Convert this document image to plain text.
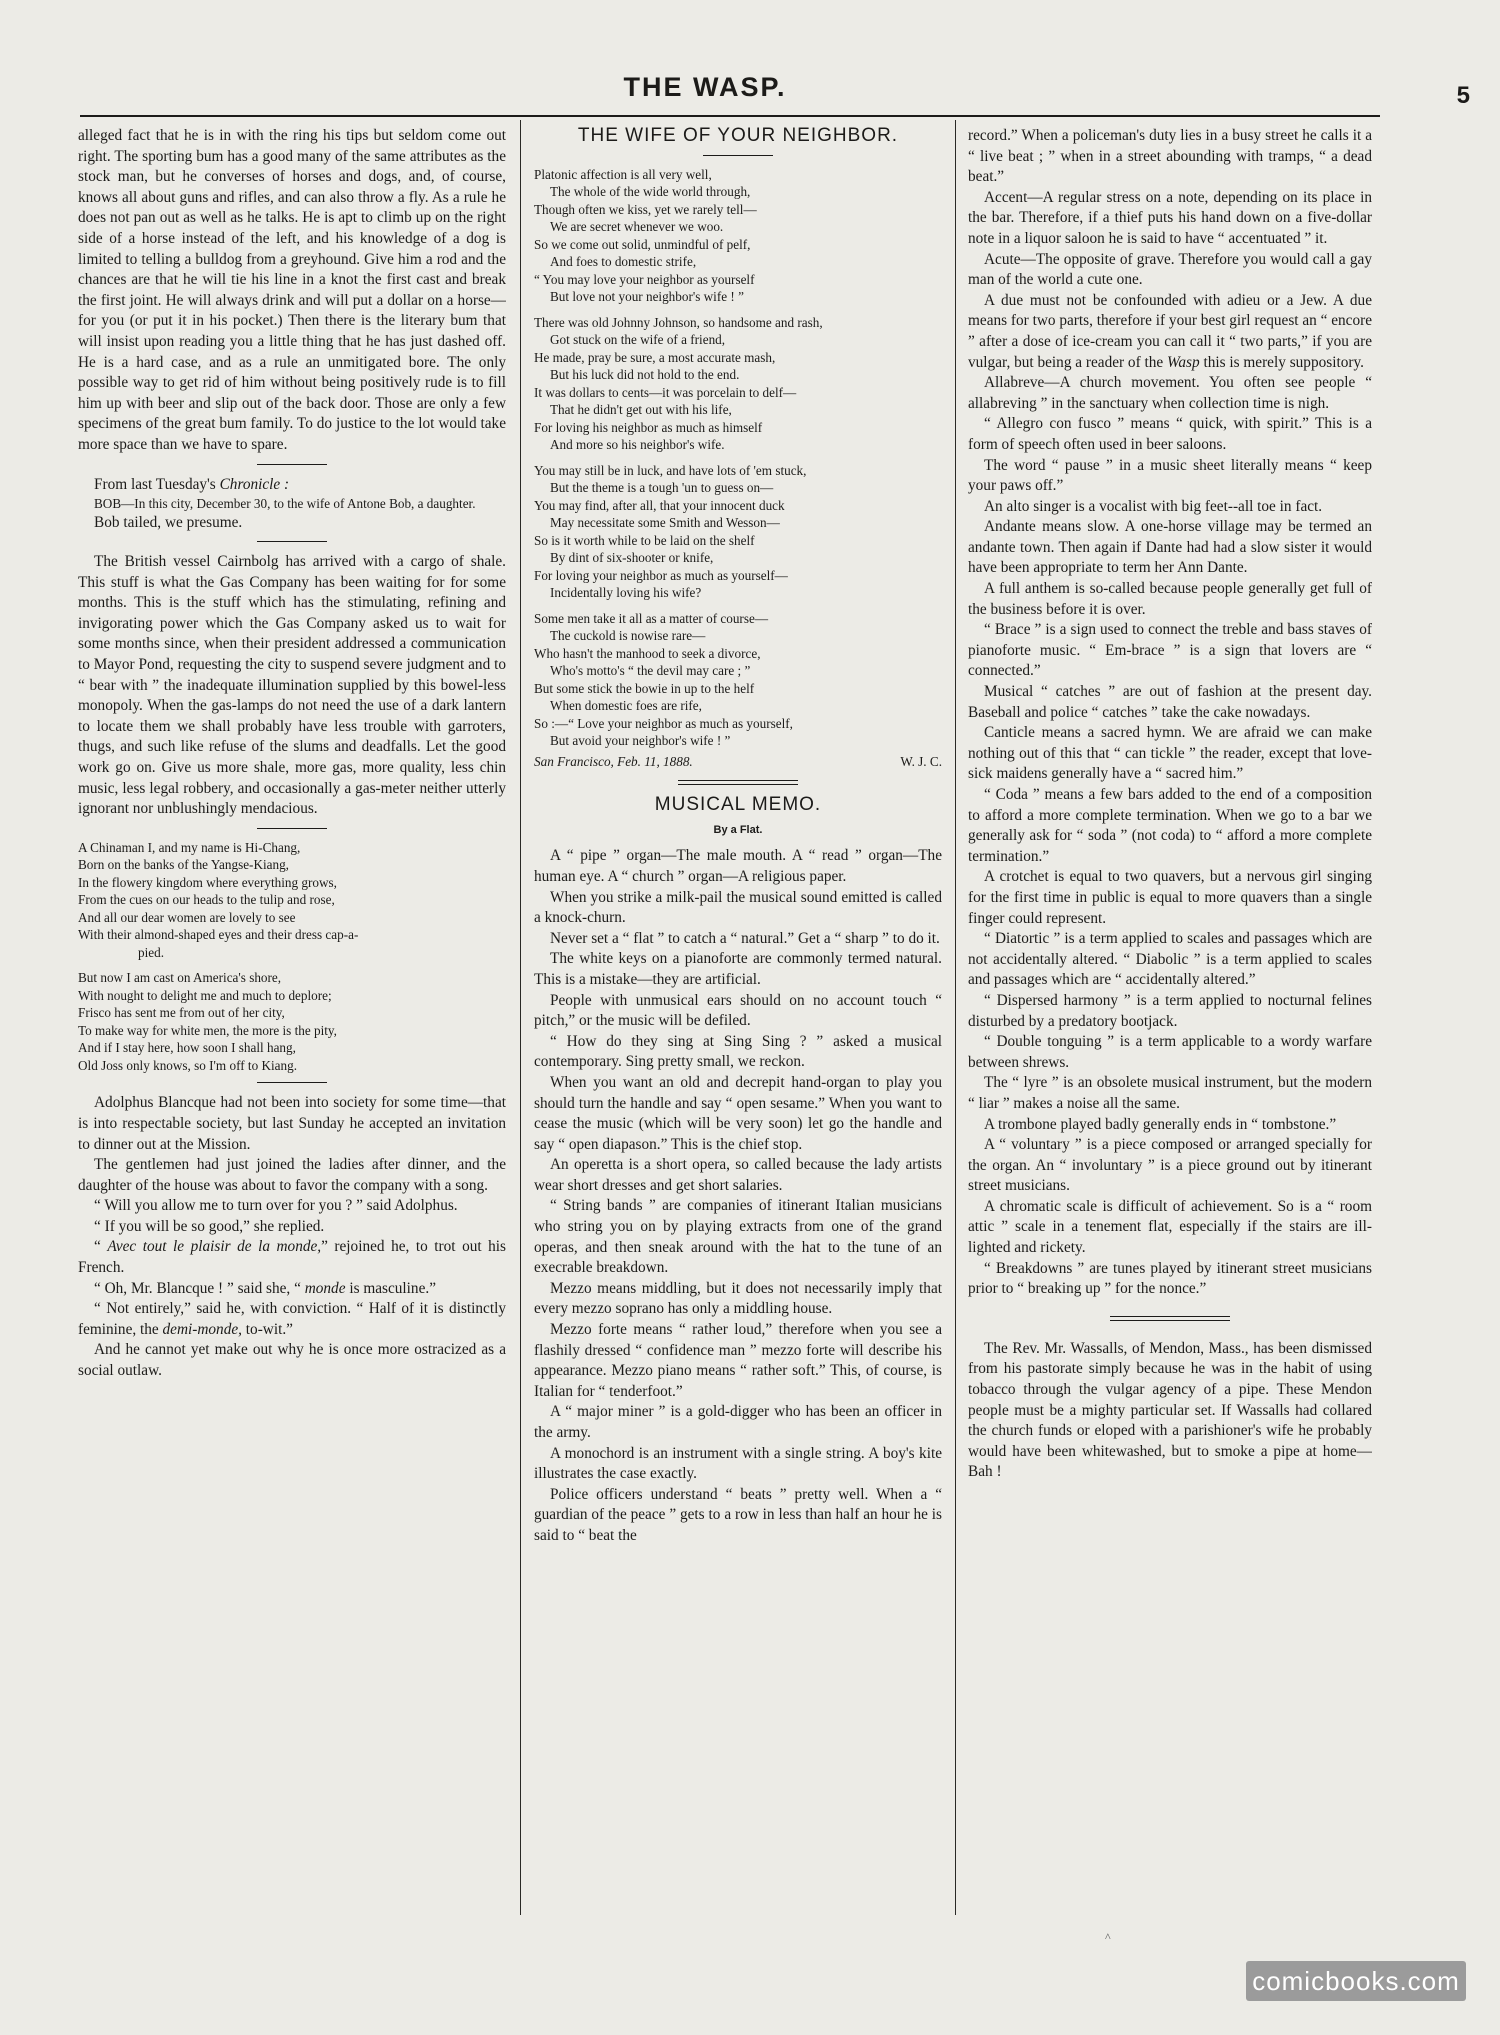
THE WASP.	5

alleged fact that he is in with the ring his tips but seldom come out right. The sporting bum has a good many of the same attributes as the stock man, but he converses of horses and dogs, and, of course, knows all about guns and rifles, and can also throw a fly. As a rule he does not pan out as well as he talks. He is apt to climb up on the right side of a horse instead of the left, and his knowledge of a dog is limited to telling a bulldog from a greyhound. Give him a rod and the chances are that he will tie his line in a knot the first cast and break the first joint. He will always drink and will put a dollar on a horse—for you (or put it in his pocket.) Then there is the literary bum that will insist upon reading you a little thing that he has just dashed off. He is a hard case, and as a rule an unmitigated bore. The only possible way to get rid of him without being positively rude is to fill him up with beer and slip out of the back door. Those are only a few specimens of the great bum family. To do justice to the lot would take more space than we have to spare.

From last Tuesday's Chronicle :

BOB—In this city, December 30, to the wife of Antone Bob, a daughter.

Bob tailed, we presume.

The British vessel Cairnbolg has arrived with a cargo of shale. This stuff is what the Gas Company has been waiting for for some months. This is the stuff which has the stimulating, refining and invigorating power which the Gas Company asked us to wait for some months since, when their president addressed a communication to Mayor Pond, requesting the city to suspend severe judgment and to “ bear with ” the inadequate illumination supplied by this bowel-less monopoly. When the gas-lamps do not need the use of a dark lantern to locate them we shall probably have less trouble with garroters, thugs, and such like refuse of the slums and deadfalls. Let the good work go on. Give us more shale, more gas, more quality, less chin music, less legal robbery, and occasionally a gas-meter neither utterly ignorant nor unblushingly mendacious.

A Chinaman I, and my name is Hi-Chang,
Born on the banks of the Yangse-Kiang,
In the flowery kingdom where everything grows,
From the cues on our heads to the tulip and rose,
And all our dear women are lovely to see
With their almond-shaped eyes and their dress cap-a-
pied.
But now I am cast on America's shore,
With nought to delight me and much to deplore;
Frisco has sent me from out of her city,
To make way for white men, the more is the pity,
And if I stay here, how soon I shall hang,
Old Joss only knows, so I'm off to Kiang.

Adolphus Blancque had not been into society for some time—that is into respectable society, but last Sunday he accepted an invitation to dinner out at the Mission.

The gentlemen had just joined the ladies after dinner, and the daughter of the house was about to favor the company with a song.

“ Will you allow me to turn over for you ? ” said Adolphus.

“ If you will be so good,” she replied.

“ Avec tout le plaisir de la monde,” rejoined he, to trot out his French.

“ Oh, Mr. Blancque ! ” said she, “ monde is masculine.”

“ Not entirely,” said he, with conviction. “ Half of it is distinctly feminine, the demi-monde, to-wit.”

And he cannot yet make out why he is once more ostracized as a social outlaw.

THE WIFE OF YOUR NEIGHBOR.
Platonic affection is all very well,
The whole of the wide world through,
Though often we kiss, yet we rarely tell—
We are secret whenever we woo.
So we come out solid, unmindful of pelf,
And foes to domestic strife,
“ You may love your neighbor as yourself
But love not your neighbor's wife ! ”
There was old Johnny Johnson, so handsome and rash,
Got stuck on the wife of a friend,
He made, pray be sure, a most accurate mash,
But his luck did not hold to the end.
It was dollars to cents—it was porcelain to delf—
That he didn't get out with his life,
For loving his neighbor as much as himself
And more so his neighbor's wife.
You may still be in luck, and have lots of 'em stuck,
But the theme is a tough 'un to guess on—
You may find, after all, that your innocent duck
May necessitate some Smith and Wesson—
So is it worth while to be laid on the shelf
By dint of six-shooter or knife,
For loving your neighbor as much as yourself—
Incidentally loving his wife?
Some men take it all as a matter of course—
The cuckold is nowise rare—
Who hasn't the manhood to seek a divorce,
Who's motto's “ the devil may care ; ”
But some stick the bowie in up to the helf
When domestic foes are rife,
So :—“ Love your neighbor as much as yourself,
But avoid your neighbor's wife ! ”
San Francisco, Feb. 11, 1888.	W. J. C.
MUSICAL MEMO.
By a Flat.

A “ pipe ” organ—The male mouth. A “ read ” organ—The human eye. A “ church ” organ—A religious paper.

When you strike a milk-pail the musical sound emitted is called a knock-churn.

Never set a “ flat ” to catch a “ natural.” Get a “ sharp ” to do it.

The white keys on a pianoforte are commonly termed natural. This is a mistake—they are artificial.

People with unmusical ears should on no account touch “ pitch,” or the music will be defiled.

“ How do they sing at Sing Sing ? ” asked a musical contemporary. Sing pretty small, we reckon.

When you want an old and decrepit hand-organ to play you should turn the handle and say “ open sesame.” When you want to cease the music (which will be very soon) let go the handle and say “ open diapason.” This is the chief stop.

An operetta is a short opera, so called because the lady artists wear short dresses and get short salaries.

“ String bands ” are companies of itinerant Italian musicians who string you on by playing extracts from one of the grand operas, and then sneak around with the hat to the tune of an execrable breakdown.

Mezzo means middling, but it does not necessarily imply that every mezzo soprano has only a middling house.

Mezzo forte means “ rather loud,” therefore when you see a flashily dressed “ confidence man ” mezzo forte will describe his appearance. Mezzo piano means “ rather soft.” This, of course, is Italian for “ tenderfoot.”

A “ major miner ” is a gold-digger who has been an officer in the army.

A monochord is an instrument with a single string. A boy's kite illustrates the case exactly.

Police officers understand “ beats ” pretty well. When a “ guardian of the peace ” gets to a row in less than half an hour he is said to “ beat the

record.” When a policeman's duty lies in a busy street he calls it a “ live beat ; ” when in a street abounding with tramps, “ a dead beat.”

Accent—A regular stress on a note, depending on its place in the bar. Therefore, if a thief puts his hand down on a five-dollar note in a liquor saloon he is said to have “ accentuated ” it.

Acute—The opposite of grave. Therefore you would call a gay man of the world a cute one.

A due must not be confounded with adieu or a Jew. A due means for two parts, therefore if your best girl request an “ encore ” after a dose of ice-cream you can call it “ two parts,” if you are vulgar, but being a reader of the Wasp this is merely suppository.

Allabreve—A church movement. You often see people “ allabreving ” in the sanctuary when collection time is nigh.

“ Allegro con fusco ” means “ quick, with spirit.” This is a form of speech often used in beer saloons.

The word “ pause ” in a music sheet literally means “ keep your paws off.”

An alto singer is a vocalist with big feet--all toe in fact.

Andante means slow. A one-horse village may be termed an andante town. Then again if Dante had had a slow sister it would have been appropriate to term her Ann Dante.

A full anthem is so-called because people generally get full of the business before it is over.

“ Brace ” is a sign used to connect the treble and bass staves of pianoforte music. “ Em-brace ” is a sign that lovers are “ connected.”

Musical “ catches ” are out of fashion at the present day. Baseball and police “ catches ” take the cake nowadays.

Canticle means a sacred hymn. We are afraid we can make nothing out of this that “ can tickle ” the reader, except that love-sick maidens generally have a “ sacred him.”

“ Coda ” means a few bars added to the end of a composition to afford a more complete termination. When we go to a bar we generally ask for “ soda ” (not coda) to “ afford a more complete termination.”

A crotchet is equal to two quavers, but a nervous girl singing for the first time in public is equal to more quavers than a single finger could represent.

“ Diatortic ” is a term applied to scales and passages which are not accidentally altered. “ Diabolic ” is a term applied to scales and passages which are “ accidentally altered.”

“ Dispersed harmony ” is a term applied to nocturnal felines disturbed by a predatory bootjack.

“ Double tonguing ” is a term applicable to a wordy warfare between shrews.

The “ lyre ” is an obsolete musical instrument, but the modern “ liar ” makes a noise all the same.

A trombone played badly generally ends in “ tombstone.”

A “ voluntary ” is a piece composed or arranged specially for the organ. An “ involuntary ” is a piece ground out by itinerant street musicians.

A chromatic scale is difficult of achievement. So is a “ room attic ” scale in a tenement flat, especially if the stairs are ill-lighted and rickety.

“ Breakdowns ” are tunes played by itinerant street musicians prior to “ breaking up ” for the nonce.”

The Rev. Mr. Wassalls, of Mendon, Mass., has been dismissed from his pastorate simply because he was in the habit of using tobacco through the vulgar agency of a pipe. These Mendon people must be a mighty particular set. If Wassalls had collared the church funds or eloped with a parishioner's wife he probably would have been whitewashed, but to smoke a pipe at home—Bah !

^
comicbooks.com
